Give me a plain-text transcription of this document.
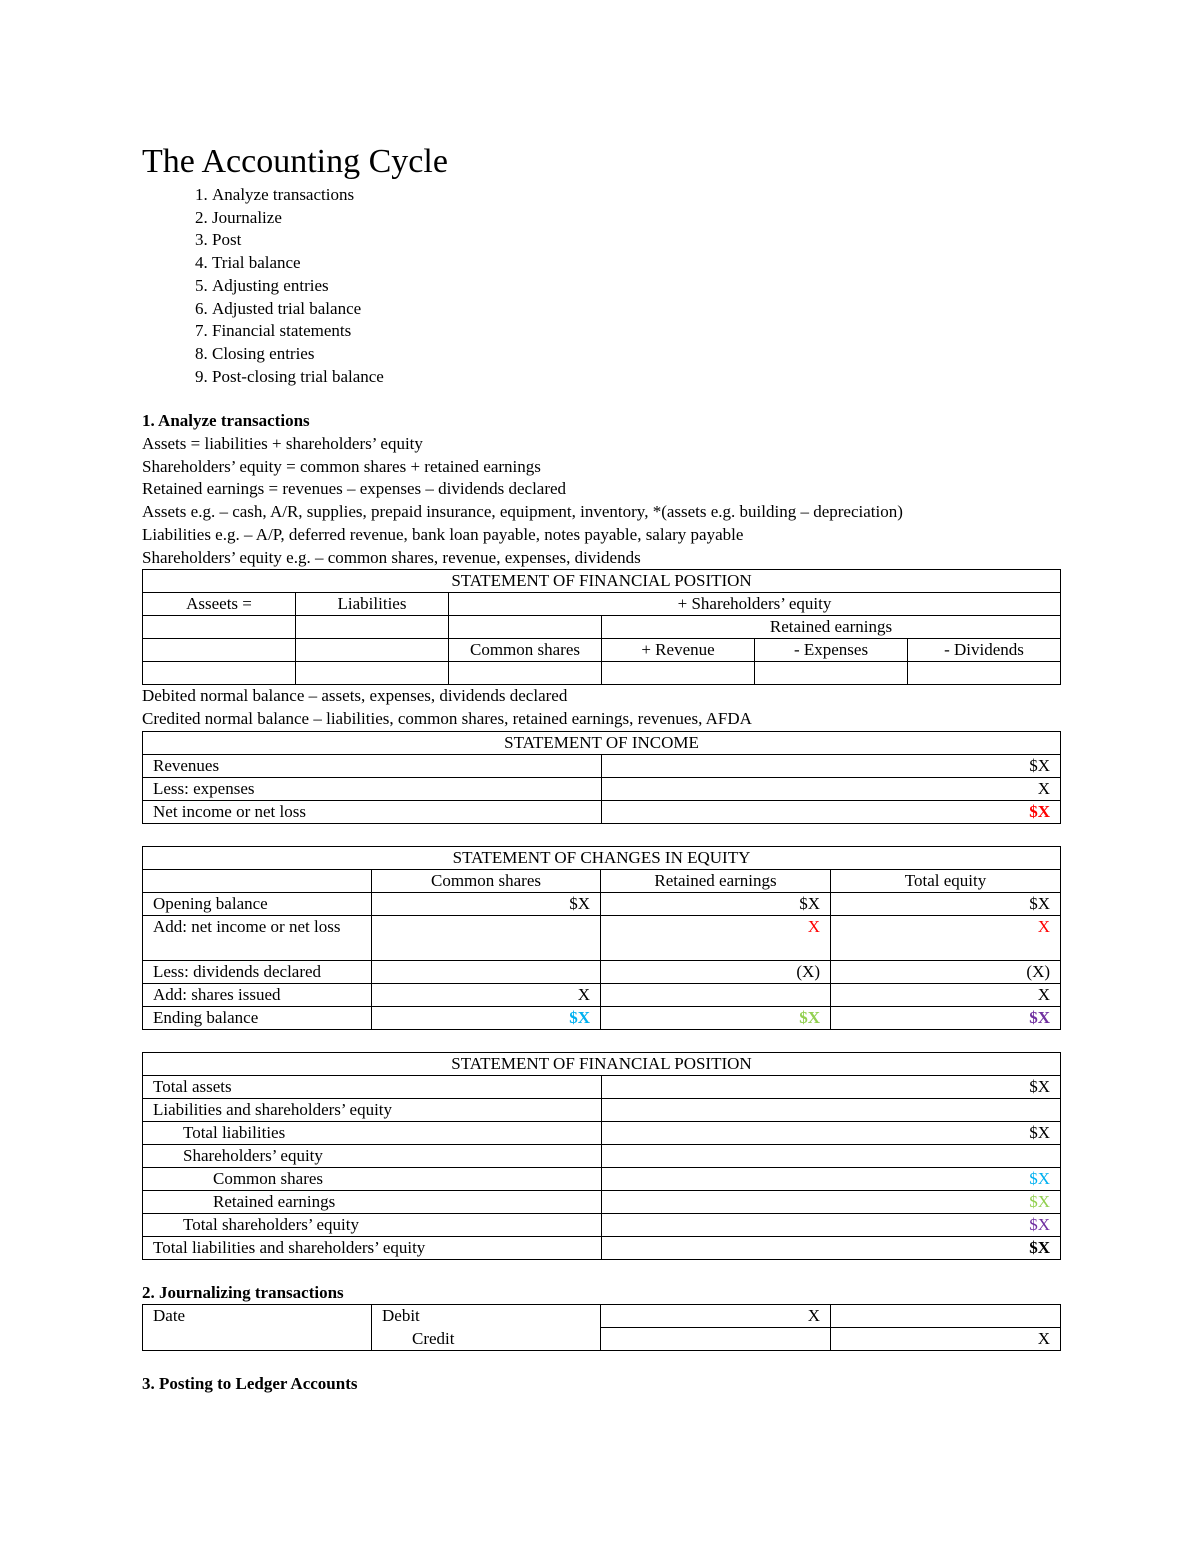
The Accounting Cycle
1. Analyze transactions
2. Journalize
3. Post
4. Trial balance
5. Adjusting entries
6. Adjusted trial balance
7. Financial statements
8. Closing entries
9. Post-closing trial balance
1. Analyze transactions
Assets = liabilities + shareholders’ equity
Shareholders’ equity = common shares + retained earnings
Retained earnings = revenues – expenses – dividends declared
Assets e.g. – cash, A/R, supplies, prepaid insurance, equipment, inventory, *(assets e.g. building – depreciation)
Liabilities e.g. – A/P, deferred revenue, bank loan payable, notes payable, salary payable
Shareholders’ equity e.g. – common shares, revenue, expenses, dividends
STATEMENT OF FINANCIAL POSITION					
Asseets =	Liabilities	+ Shareholders’ equity			
			Retained earnings		
		Common shares	+ Revenue	- Expenses	- Dividends

Debited normal balance – assets, expenses, dividends declared
Credited normal balance – liabilities, common shares, retained earnings, revenues, AFDA
STATEMENT OF INCOME	
Revenues	$X
Less: expenses	X
Net income or net loss	$X
STATEMENT OF CHANGES IN EQUITY			
	Common shares	Retained earnings	Total equity
Opening balance	$X	$X	$X
Add: net income or net loss		X	X
Less: dividends declared		(X)	(X)
Add: shares issued	X		X
Ending balance	$X	$X	$X
STATEMENT OF FINANCIAL POSITION	
Total assets	$X
Liabilities and shareholders’ equity	
Total liabilities	$X
Shareholders’ equity	
Common shares	$X
Retained earnings	$X
Total shareholders’ equity	$X
Total liabilities and shareholders’ equity	$X
2. Journalizing transactions
Date	Debit	X	
	Credit		X
3. Posting to Ledger Accounts
